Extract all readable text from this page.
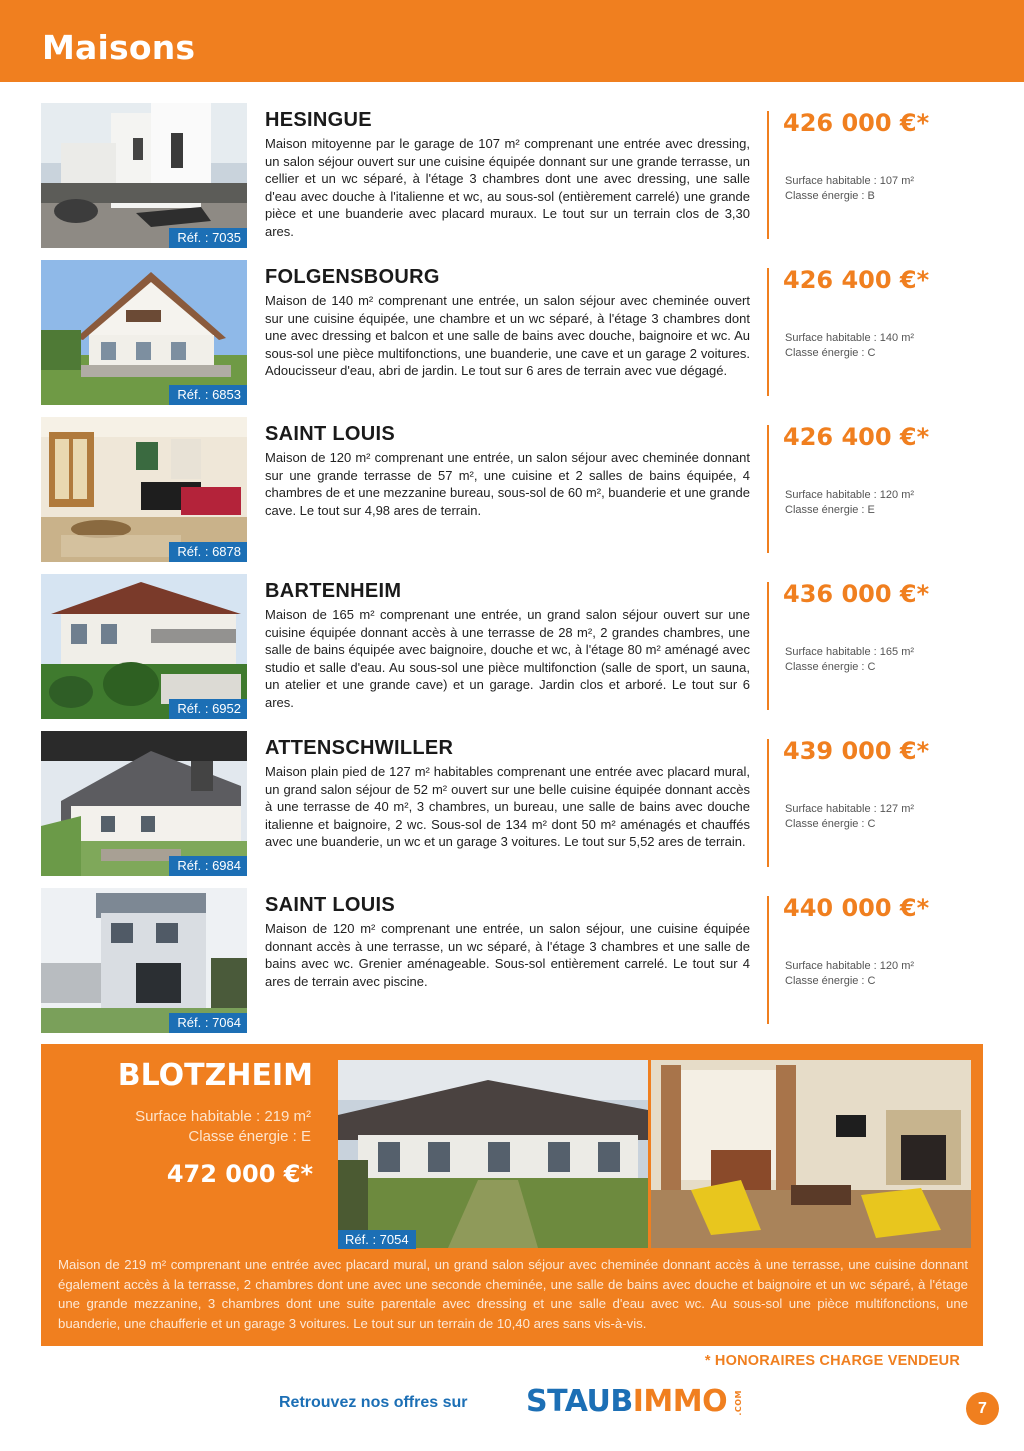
Maisons
Réf. : 7035
HESINGUE
Maison mitoyenne par le garage de 107 m² comprenant une entrée avec dressing, un salon séjour ouvert sur une cuisine équipée donnant sur une grande terrasse, un cellier et un wc séparé, à l'étage 3 chambres dont une avec dressing, une salle d'eau avec douche à l'italienne et wc, au sous-sol (entièrement carrelé) une grande pièce et une buanderie avec placard muraux. Le tout sur un terrain clos de 3,30 ares.
426 000 €*
Surface habitable : 107 m²
Classe énergie : B
Réf. : 6853
FOLGENSBOURG
Maison de 140 m² comprenant une entrée, un salon séjour avec cheminée ouvert sur une cuisine équipée, une chambre et un wc séparé, à l'étage 3 chambres dont une avec dressing et balcon et une salle de bains avec douche, baignoire et wc. Au sous-sol une pièce multifonctions, une buanderie, une cave et un garage 2 voitures. Adoucisseur d'eau, abri de jardin. Le tout sur 6 ares de terrain avec vue dégagé.
426 400 €*
Surface habitable : 140 m²
Classe énergie : C
Réf. : 6878
SAINT LOUIS
Maison de 120 m² comprenant une entrée, un salon séjour avec cheminée donnant sur une grande terrasse de 57 m², une cuisine et 2 salles de bains équipée, 4 chambres de et une mezzanine bureau, sous-sol de 60 m², buanderie et une grande cave. Le tout sur 4,98 ares de terrain.
426 400 €*
Surface habitable : 120 m²
Classe énergie : E
Réf. : 6952
BARTENHEIM
Maison de 165 m² comprenant une entrée, un grand salon séjour ouvert sur une cuisine équipée donnant accès à une terrasse de 28 m², 2 grandes chambres, une salle de bains équipée avec baignoire, douche et wc, à l'étage 80 m² aménagé avec studio et salle d'eau. Au sous-sol une pièce multifonction (salle de sport, un sauna, un atelier et une grande cave) et un garage. Jardin clos et arboré. Le tout sur 6 ares.
436 000 €*
Surface habitable : 165 m²
Classe énergie : C
Réf. : 6984
ATTENSCHWILLER
Maison plain pied de 127 m² habitables comprenant une entrée avec placard mural, un grand salon séjour de 52 m² ouvert sur une belle cuisine équipée donnant accès à une terrasse de 40 m², 3 chambres, un bureau, une salle de bains avec douche italienne et baignoire, 2 wc. Sous-sol de 134 m² dont 50 m² aménagés et chauffés avec une buanderie, un wc et un garage 3 voitures. Le tout sur 5,52 ares de terrain.
439 000 €*
Surface habitable : 127 m²
Classe énergie : C
Réf. : 7064
SAINT LOUIS
Maison de 120 m² comprenant une entrée, un salon séjour, une cuisine équipée donnant accès à une terrasse, un wc séparé, à l'étage 3 chambres et une salle de bains avec wc. Grenier aménageable. Sous-sol entièrement carrelé. Le tout sur 4 ares de terrain avec piscine.
440 000 €*
Surface habitable : 120 m²
Classe énergie : C
BLOTZHEIM
Surface habitable : 219 m²
Classe énergie : E
472 000 €*
Réf. : 7054
Maison de 219 m² comprenant une entrée avec placard mural, un grand salon séjour avec cheminée donnant accès à une terrasse, une cuisine donnant également accès à la terrasse, 2 chambres dont une avec une seconde cheminée, une salle de bains avec douche et baignoire et un wc séparé, à l'étage une grande mezzanine, 3 chambres dont une suite parentale avec dressing et une salle d'eau avec wc. Au sous-sol une pièce multifonctions, une buanderie, une chaufferie et un garage 3 voitures. Le tout sur un terrain de 10,40 ares sans vis-à-vis.
* HONORAIRES CHARGE VENDEUR
Retrouvez nos offres sur STAUBIMMO .COM	7
